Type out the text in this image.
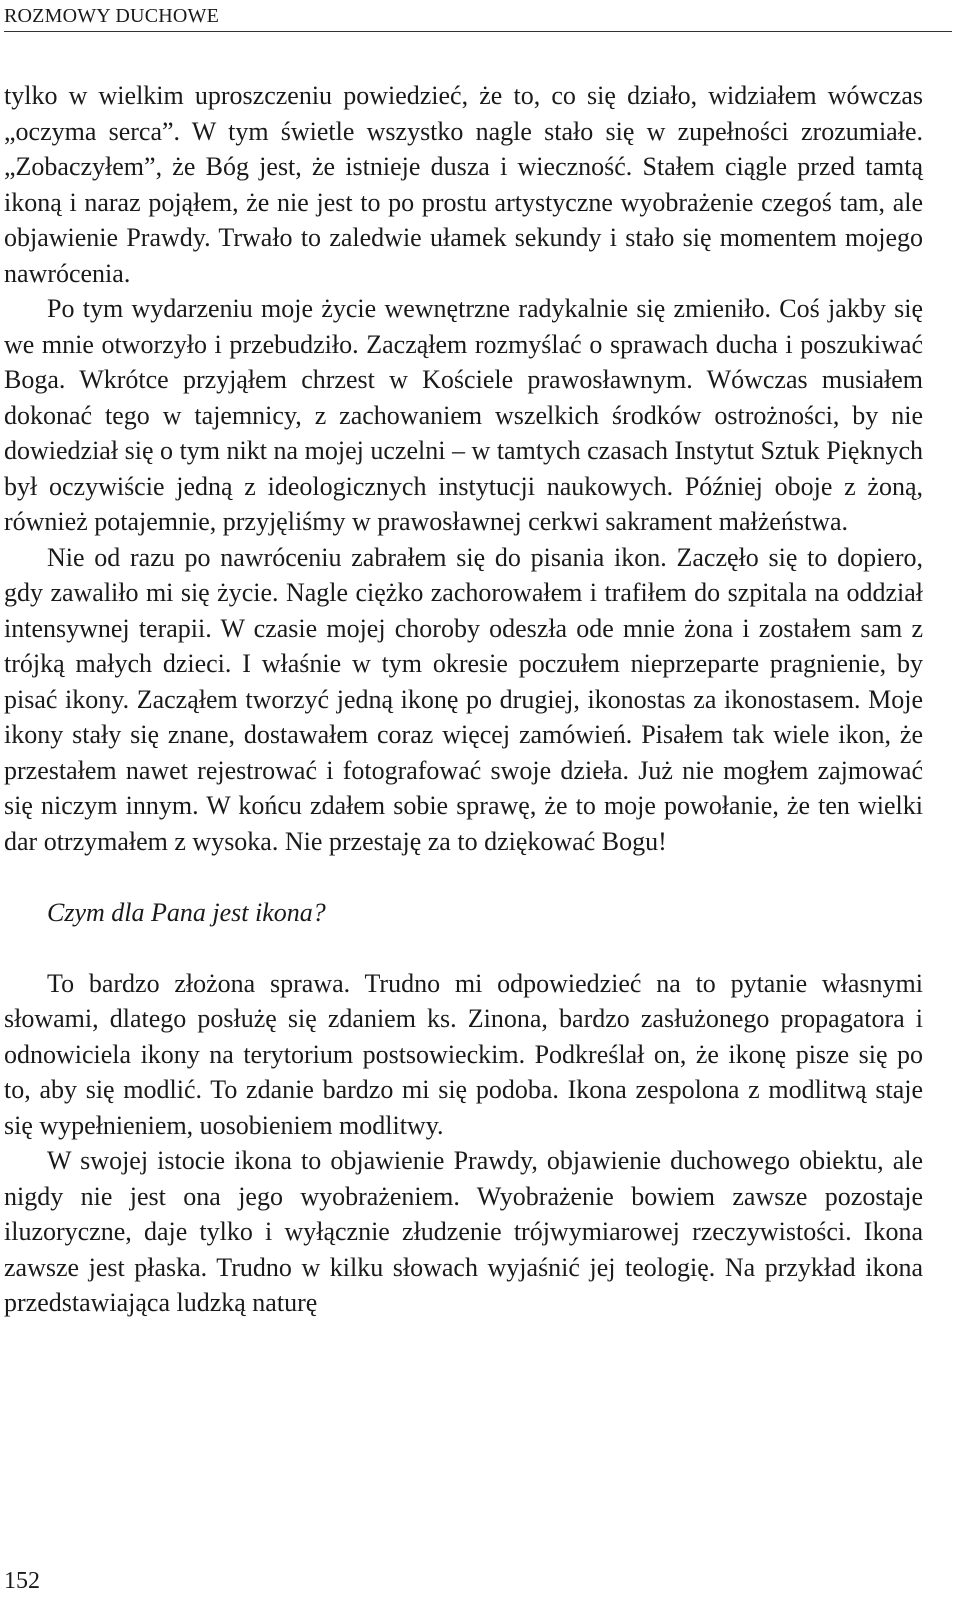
ROZMOWY DUCHOWE

tylko w wielkim uproszczeniu powiedzieć, że to, co się działo, widziałem wówczas „oczyma serca”. W tym świetle wszystko nagle stało się w zupełności zrozumiałe. „Zobaczyłem”, że Bóg jest, że istnieje dusza i wieczność. Stałem ciągle przed tamtą ikoną i naraz pojąłem, że nie jest to po prostu artystyczne wyobrażenie czegoś tam, ale objawienie Prawdy. Trwało to zaledwie ułamek sekundy i stało się momentem mojego nawrócenia.

Po tym wydarzeniu moje życie wewnętrzne radykalnie się zmieniło. Coś jakby się we mnie otworzyło i przebudziło. Zacząłem rozmyślać o sprawach ducha i poszukiwać Boga. Wkrótce przyjąłem chrzest w Kościele prawosławnym. Wówczas musiałem dokonać tego w tajemnicy, z zachowaniem wszelkich środków ostrożności, by nie dowiedział się o tym nikt na mojej uczelni – w tamtych czasach Instytut Sztuk Pięknych był oczywiście jedną z ideologicznych instytucji naukowych. Później oboje z żoną, również potajemnie, przyjęliśmy w prawosławnej cerkwi sakrament małżeństwa.

Nie od razu po nawróceniu zabrałem się do pisania ikon. Zaczęło się to dopiero, gdy zawaliło mi się życie. Nagle ciężko zachorowałem i trafiłem do szpitala na oddział intensywnej terapii. W czasie mojej choroby odeszła ode mnie żona i zostałem sam z trójką małych dzieci. I właśnie w tym okresie poczułem nieprzeparte pragnienie, by pisać ikony. Zacząłem tworzyć jedną ikonę po drugiej, ikonostas za ikonostasem. Moje ikony stały się znane, dostawałem coraz więcej zamówień. Pisałem tak wiele ikon, że przestałem nawet rejestrować i fotografować swoje dzieła. Już nie mogłem zajmować się niczym innym. W końcu zdałem sobie sprawę, że to moje powołanie, że ten wielki dar otrzymałem z wysoka. Nie przestaję za to dziękować Bogu!

Czym dla Pana jest ikona?

To bardzo złożona sprawa. Trudno mi odpowiedzieć na to pytanie własnymi słowami, dlatego posłużę się zdaniem ks. Zinona, bardzo zasłużonego propagatora i odnowiciela ikony na terytorium postsowieckim. Podkreślał on, że ikonę pisze się po to, aby się modlić. To zdanie bardzo mi się podoba. Ikona zespolona z modlitwą staje się wypełnieniem, uosobieniem modlitwy.

W swojej istocie ikona to objawienie Prawdy, objawienie duchowego obiektu, ale nigdy nie jest ona jego wyobrażeniem. Wyobrażenie bowiem zawsze pozostaje iluzoryczne, daje tylko i wyłącznie złudzenie trójwymiarowej rzeczywistości. Ikona zawsze jest płaska. Trudno w kilku słowach wyjaśnić jej teologię. Na przykład ikona przedstawiająca ludzką naturę

152
